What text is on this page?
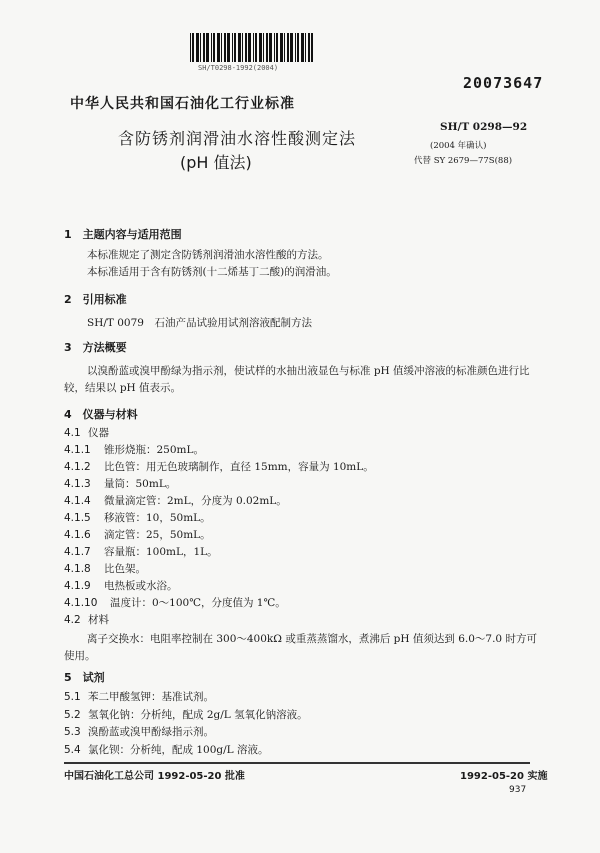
SH/T0298-1992(2004)
20073647
中华人民共和国石油化工行业标准
含防锈剂润滑油水溶性酸测定法
(pH 值法)
SH/T 0298—92
(2004 年确认)
代替 SY 2679—77S(88)
1　主题内容与适用范围
本标准规定了测定含防锈剂润滑油水溶性酸的方法。
本标准适用于含有防锈剂(十二烯基丁二酸)的润滑油。
2　引用标准
SH/T 0079　石油产品试验用试剂溶液配制方法
3　方法概要
以溴酚蓝或溴甲酚绿为指示剂，使试样的水抽出液显色与标准 pH 值缓冲溶液的标准颜色进行比
较，结果以 pH 值表示。
4　仪器与材料
4.1 仪器
4.1.1 锥形烧瓶：250mL。
4.1.2 比色管：用无色玻璃制作，直径 15mm，容量为 10mL。
4.1.3 量筒：50mL。
4.1.4 微量滴定管：2mL，分度为 0.02mL。
4.1.5 移液管：10，50mL。
4.1.6 滴定管：25，50mL。
4.1.7 容量瓶：100mL，1L。
4.1.8 比色架。
4.1.9 电热板或水浴。
4.1.10 温度计：0～100℃，分度值为 1℃。
4.2 材料
离子交换水：电阻率控制在 300～400kΩ 或重蒸蒸馏水，煮沸后 pH 值须达到 6.0～7.0 时方可
使用。
5　试剂
5.1 苯二甲酸氢钾：基准试剂。
5.2 氢氧化钠：分析纯，配成 2g/L 氢氧化钠溶液。
5.3 溴酚蓝或溴甲酚绿指示剂。
5.4 氯化钡：分析纯，配成 100g/L 溶液。
中国石油化工总公司 1992-05-20 批准	1992-05-20 实施
937
